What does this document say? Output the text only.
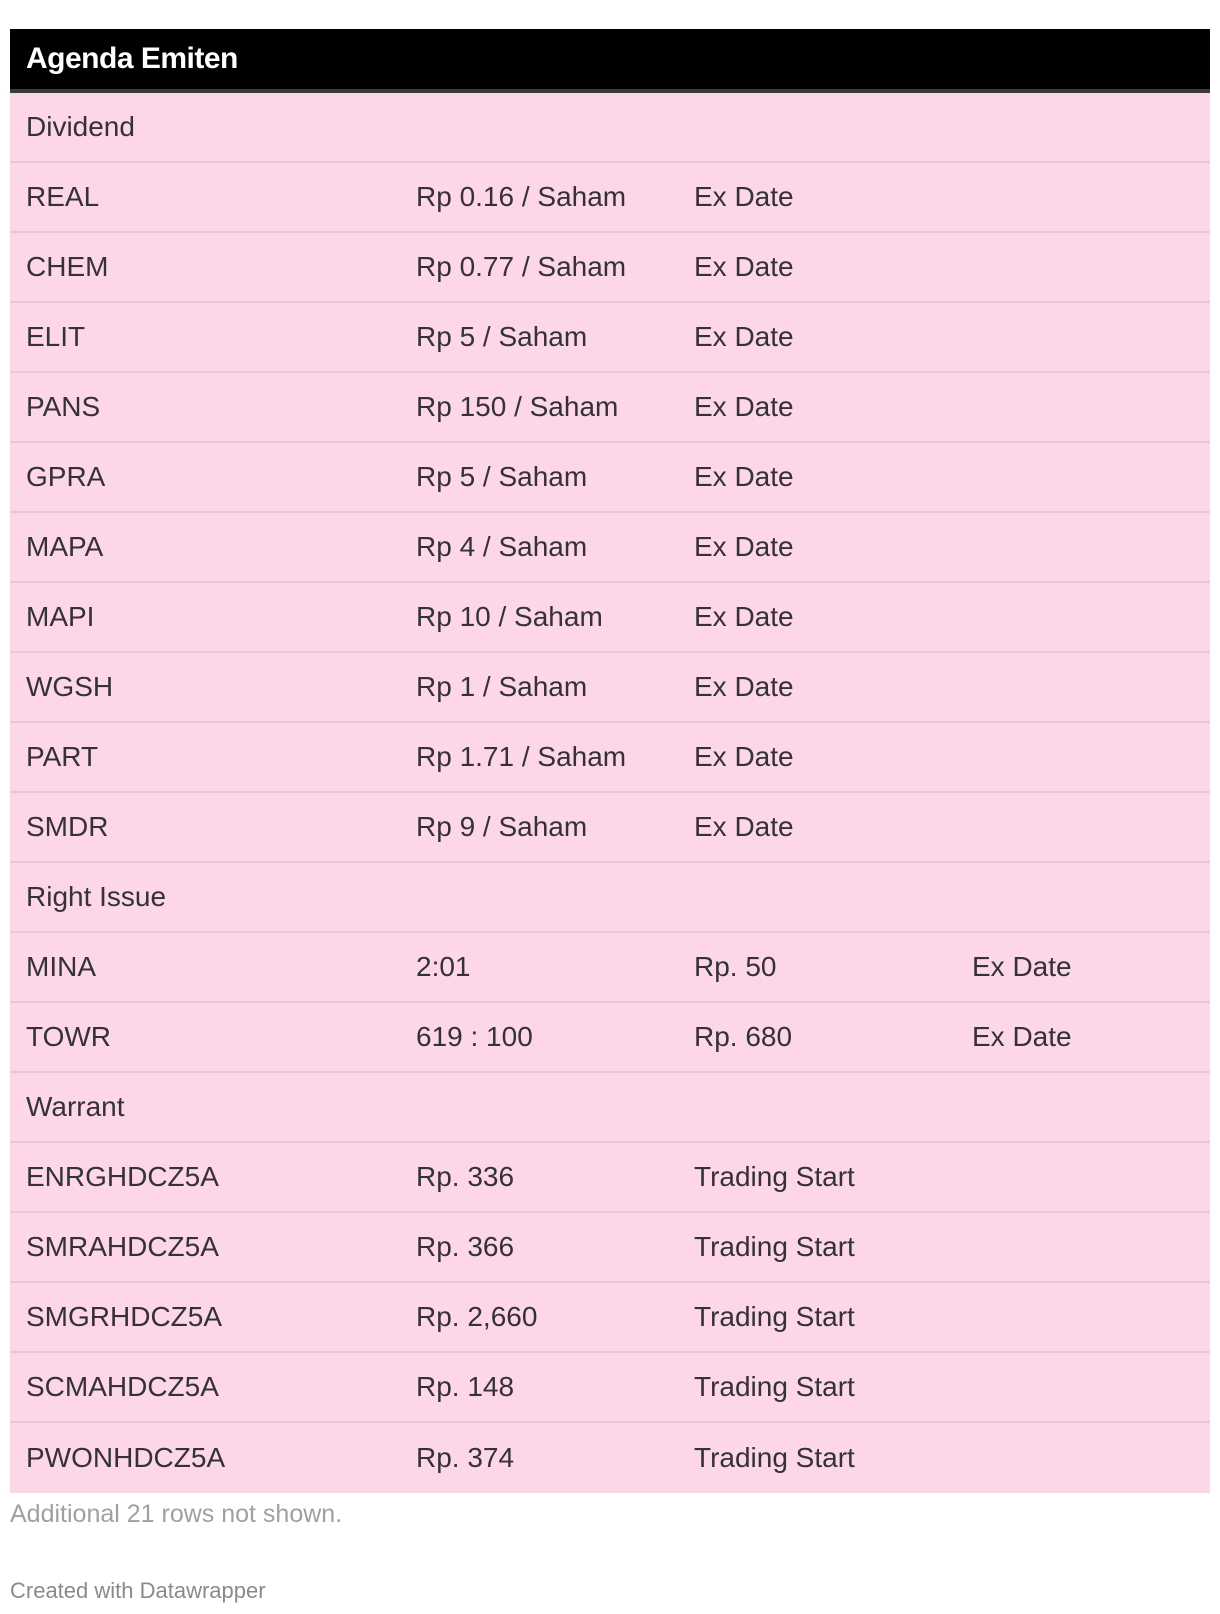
Agenda Emiten
Dividend
REAL	Rp 0.16 / Saham	Ex Date
CHEM	Rp 0.77 / Saham	Ex Date
ELIT	Rp 5 / Saham	Ex Date
PANS	Rp 150 / Saham	Ex Date
GPRA	Rp 5 / Saham	Ex Date
MAPA	Rp 4 / Saham	Ex Date
MAPI	Rp 10 / Saham	Ex Date
WGSH	Rp 1 / Saham	Ex Date
PART	Rp 1.71 / Saham	Ex Date
SMDR	Rp 9 / Saham	Ex Date
Right Issue
MINA	2:01	Rp. 50	Ex Date
TOWR	619 : 100	Rp. 680	Ex Date
Warrant
ENRGHDCZ5A	Rp. 336	Trading Start
SMRAHDCZ5A	Rp. 366	Trading Start
SMGRHDCZ5A	Rp. 2,660	Trading Start
SCMAHDCZ5A	Rp. 148	Trading Start
PWONHDCZ5A	Rp. 374	Trading Start
Additional 21 rows not shown.
Created with Datawrapper
